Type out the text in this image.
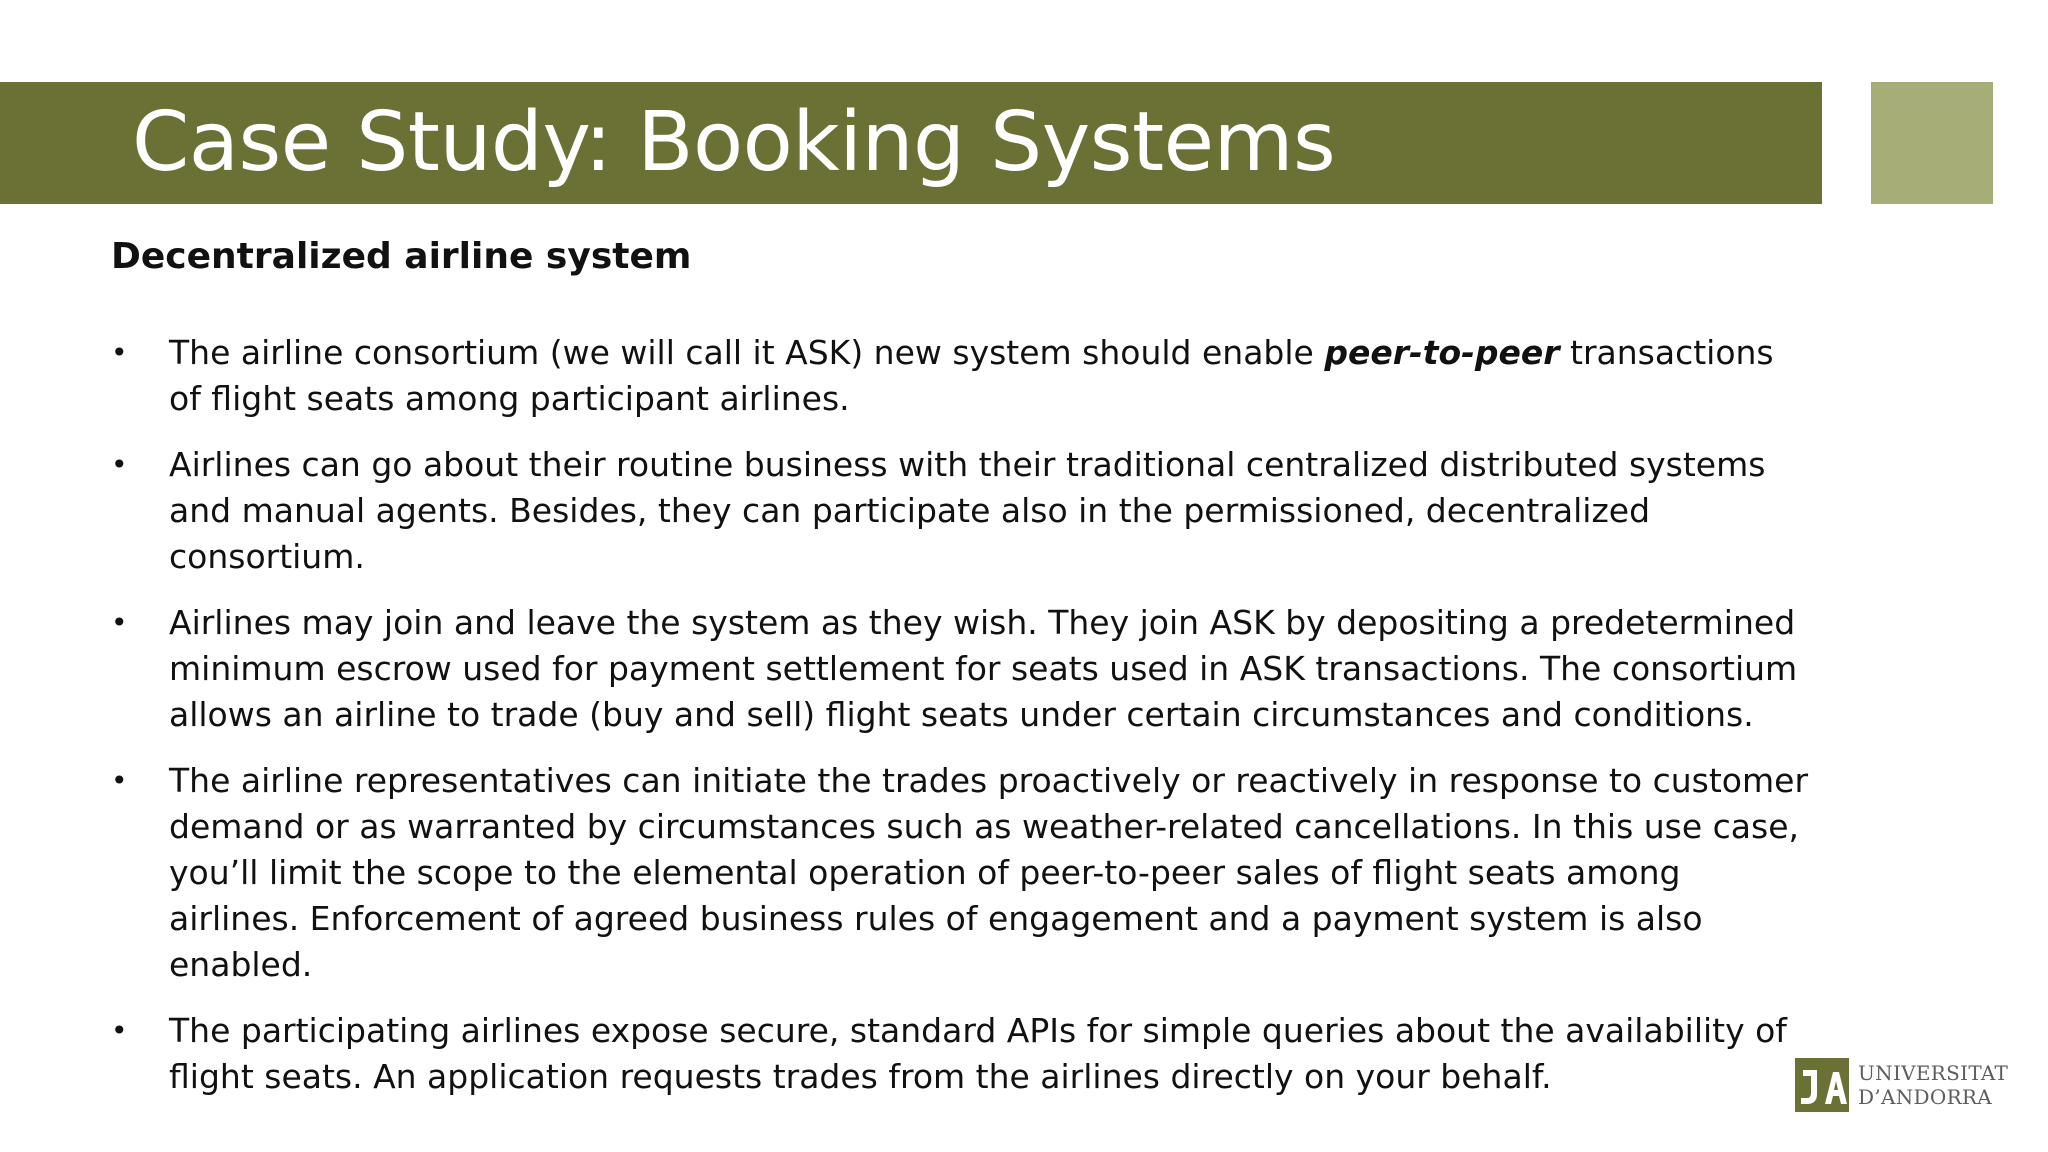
Case Study: Booking Systems
Decentralized airline system
•	The airline consortium (we will call it ASK) new system should enable peer-to-peer transactions of flight seats among participant airlines.
•	Airlines can go about their routine business with their traditional centralized distributed systems and manual agents. Besides, they can participate also in the permissioned, decentralized consortium.
•	Airlines may join and leave the system as they wish. They join ASK by depositing a predetermined minimum escrow used for payment settlement for seats used in ASK transactions. The consortium allows an airline to trade (buy and sell) flight seats under certain circumstances and conditions.
•	The airline representatives can initiate the trades proactively or reactively in response to customer demand or as warranted by circumstances such as weather-related cancellations. In this use case, you’ll limit the scope to the elemental operation of peer-to-peer sales of flight seats among airlines. Enforcement of agreed business rules of engagement and a payment system is also enabled.
•	The participating airlines expose secure, standard APIs for simple queries about the availability of flight seats. An application requests trades from the airlines directly on your behalf.	UNIVERSITAT
D’ANDORRA
